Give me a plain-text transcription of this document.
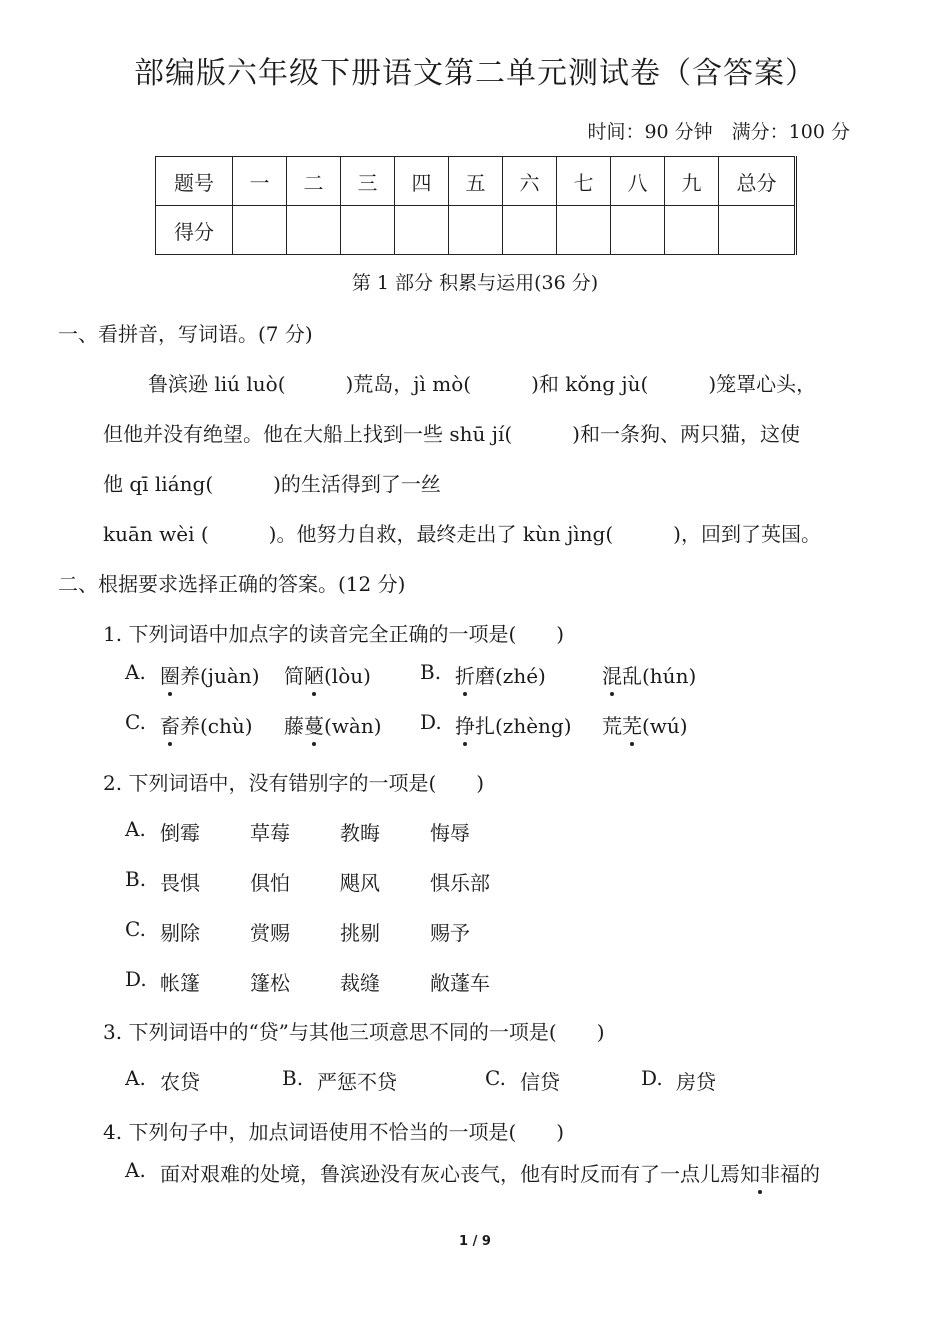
部编版六年级下册语文第二单元测试卷（含答案）
时间：90 分钟　满分：100 分
题号	一	二	三	四	五	六	七	八	九	总分
得分										
第 1 部分 积累与运用(36 分)
一、看拼音，写词语。(7 分)
鲁滨逊 liú luò(　　　)荒岛，jì mò(　　　)和 kǒng jù(　　　)笼罩心头，
但他并没有绝望。他在大船上找到一些 shū jí(　　　)和一条狗、两只猫，这使
他 qī liáng(　　　)的生活得到了一丝
kuān wèi (　　　)。他努力自救，最终走出了 kùn jìng(　　　)，回到了英国。
二、根据要求选择正确的答案。(12 分)
1. 下列词语中加点字的读音完全正确的一项是(　　)
A. 圈养(juàn) 简陋(lòu) B. 折磨(zhé)	混乱(hún)
C. 畜养(chù) 藤蔓(wàn) D. 挣扎(zhèng) 荒芜(wú)
2. 下列词语中，没有错别字的一项是(　　)
A. 倒霉	草莓	教晦	悔辱
B. 畏惧	俱怕	飓风	惧乐部
C. 剔除	赏赐	挑剔	赐予
D. 帐篷	篷松	裁缝	敞蓬车
3. 下列词语中的“贷”与其他三项意思不同的一项是(　　)
A. 农贷	B. 严惩不贷	C. 信贷	D. 房贷
4. 下列句子中，加点词语使用不恰当的一项是(　　)
A. 面对艰难的处境，鲁滨逊没有灰心丧气，他有时反而有了一点儿焉知非福的
1 / 9
